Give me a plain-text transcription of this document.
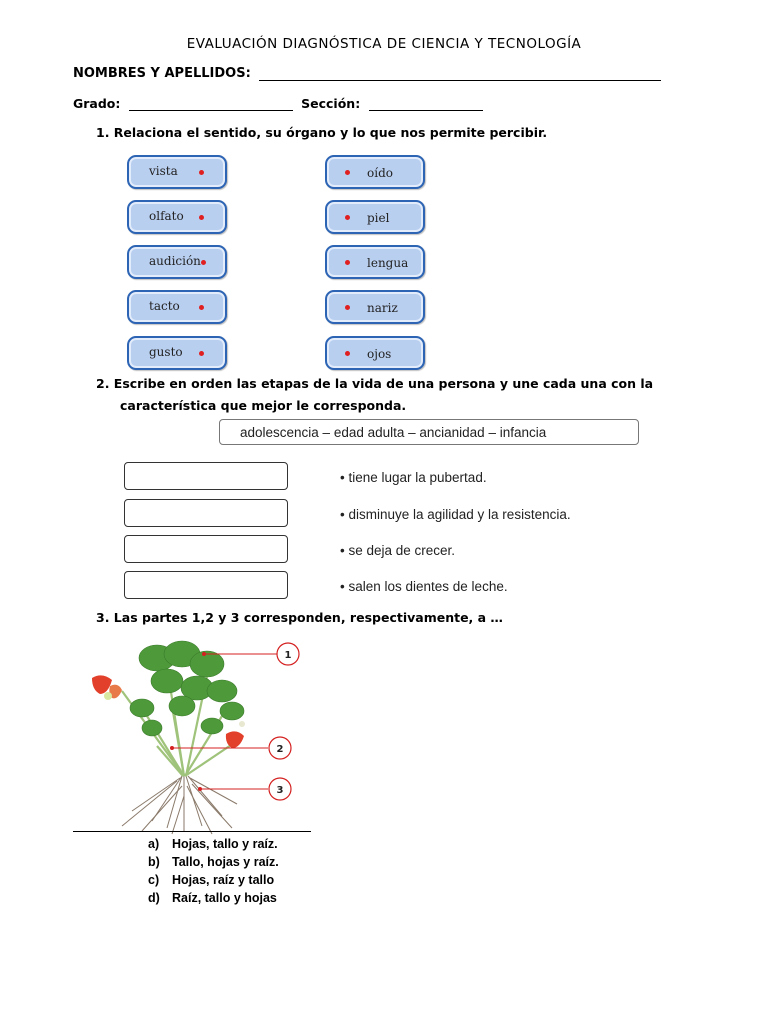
EVALUACIÓN DIAGNÓSTICA DE CIENCIA Y TECNOLOGÍA
NOMBRES Y APELLIDOS:
Grado:	Sección:
1. Relaciona el sentido, su órgano y lo que nos permite percibir.
vista
olfato
audición
tacto
gusto
oído
piel
lengua
nariz
ojos
2. Escribe en orden las etapas de la vida de una persona y une cada una con la
característica que mejor le corresponda.
adolescencia – edad adulta – ancianidad – infancia
• tiene lugar la pubertad.
• disminuye la agilidad y la resistencia.
• se deja de crecer.
• salen los dientes de leche.
3. Las partes 1,2 y 3 corresponden, respectivamente, a …
1
2
3
a) Hojas, tallo y raíz.
b) Tallo, hojas y raíz.
c) Hojas, raíz y tallo
d) Raíz, tallo y hojas
